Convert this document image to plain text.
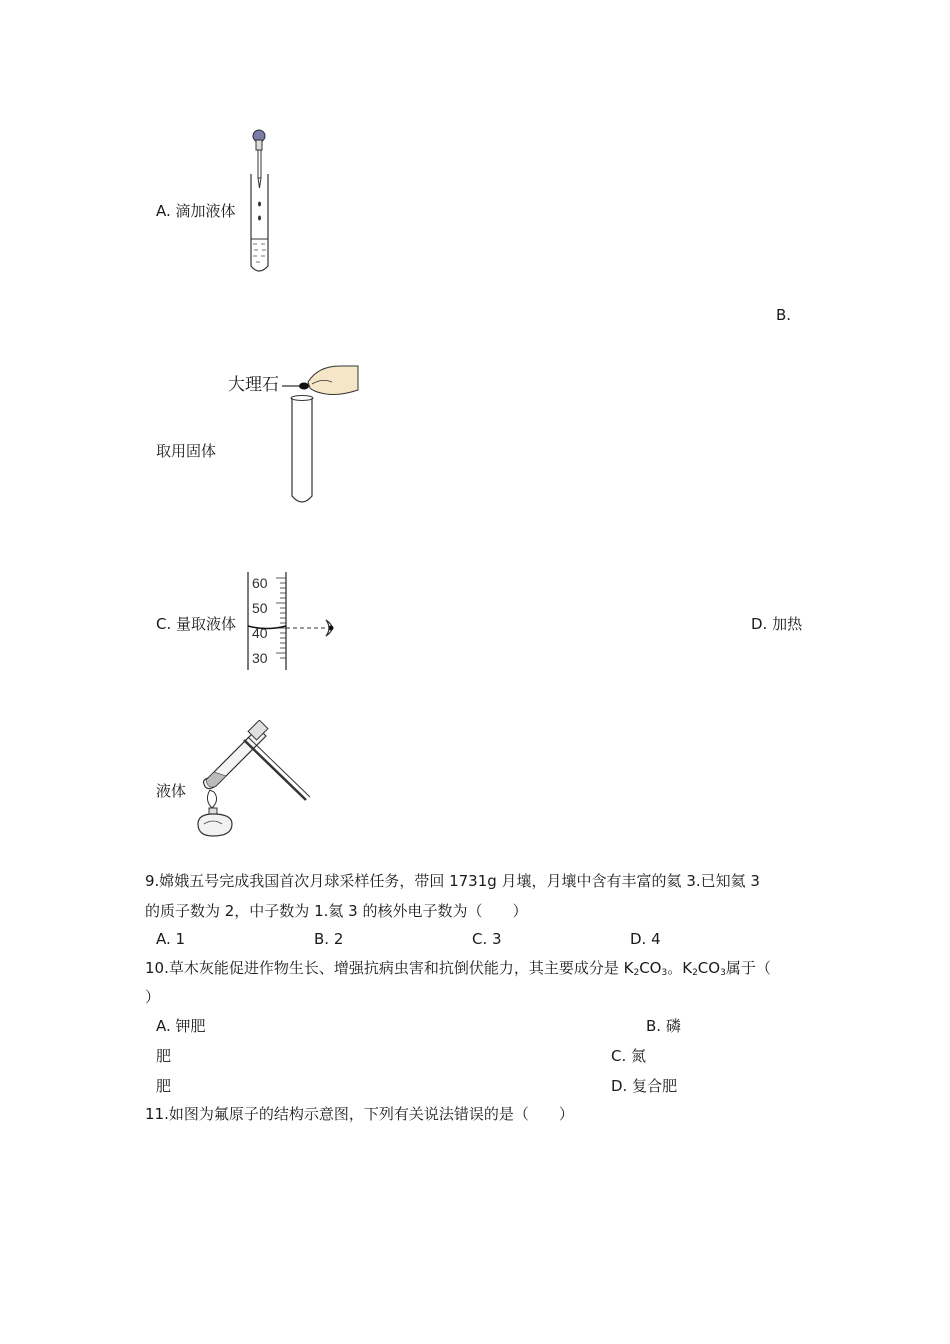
A. 滴加液体
B.
取用固体
大理石
C. 量取液体
60
50
40
30
D. 加热
液体
9.嫦娥五号完成我国首次月球采样任务，带回 1731g 月壤，月壤中含有丰富的氦 3.已知氦 3
的质子数为 2，中子数为 1.氦 3 的核外电子数为（　　）
A. 1	B. 2	C. 3	D. 4
10.草木灰能促进作物生长、增强抗病虫害和抗倒伏能力，其主要成分是 $K_2CO_3$。$K_2CO_3$属于（
）
A. 钾肥	B. 磷
肥	C. 氮
肥	D. 复合肥
11.如图为氟原子的结构示意图，下列有关说法错误的是（　　）
